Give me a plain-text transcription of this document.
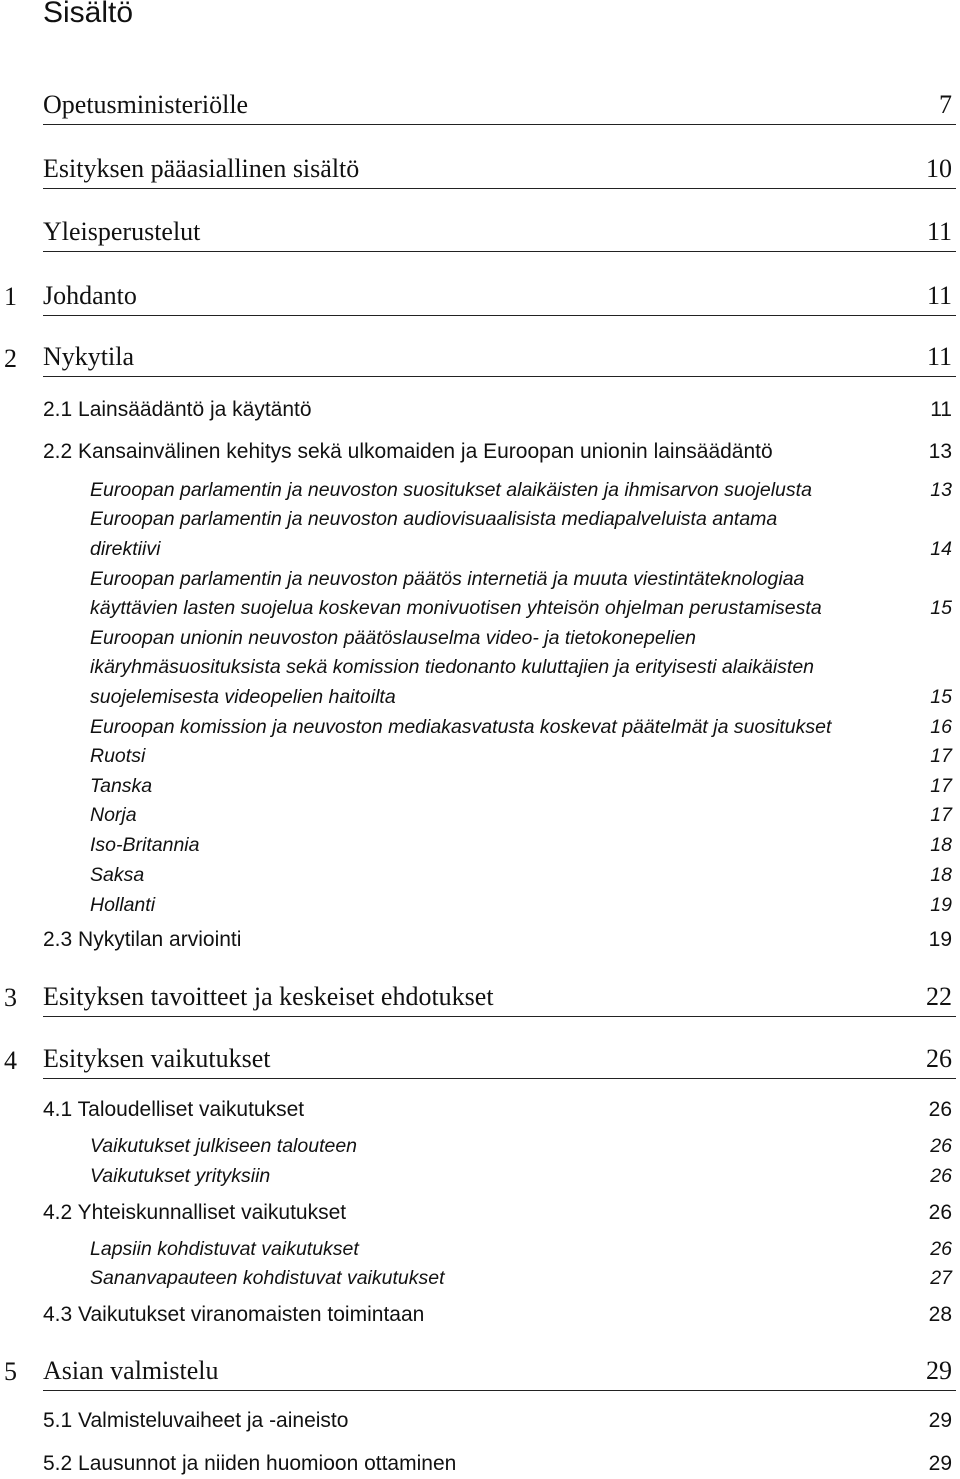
Sisältö
Opetusministeriölle	7
Esityksen pääasiallinen sisältö	10
Yleisperustelut	11
1 Johdanto	11
2 Nykytila	11
2.1 Lainsäädäntö ja käytäntö	11
2.2 Kansainvälinen kehitys sekä ulkomaiden ja Euroopan unionin lainsäädäntö	13
Euroopan parlamentin ja neuvoston suositukset alaikäisten ja ihmisarvon suojelusta	13
Euroopan parlamentin ja neuvoston audiovisuaalisista mediapalveluista antama
direktiivi	14
Euroopan parlamentin ja neuvoston päätös internetiä ja muuta viestintäteknologiaa
käyttävien lasten suojelua koskevan monivuotisen yhteisön ohjelman perustamisesta	15
Euroopan unionin neuvoston päätöslauselma video- ja tietokonepelien
ikäryhmäsuosituksista sekä komission tiedonanto kuluttajien ja erityisesti alaikäisten
suojelemisesta videopelien haitoilta	15
Euroopan komission ja neuvoston mediakasvatusta koskevat päätelmät ja suositukset	16
Ruotsi	17
Tanska	17
Norja	17
Iso-Britannia	18
Saksa	18
Hollanti	19
2.3 Nykytilan arviointi	19
3 Esityksen tavoitteet ja keskeiset ehdotukset	22
4 Esityksen vaikutukset	26
4.1 Taloudelliset vaikutukset	26
Vaikutukset julkiseen talouteen	26
Vaikutukset yrityksiin	26
4.2 Yhteiskunnalliset vaikutukset	26
Lapsiin kohdistuvat vaikutukset	26
Sananvapauteen kohdistuvat vaikutukset	27
4.3 Vaikutukset viranomaisten toimintaan	28
5 Asian valmistelu	29
5.1 Valmisteluvaiheet ja -aineisto	29
5.2 Lausunnot ja niiden huomioon ottaminen	29
